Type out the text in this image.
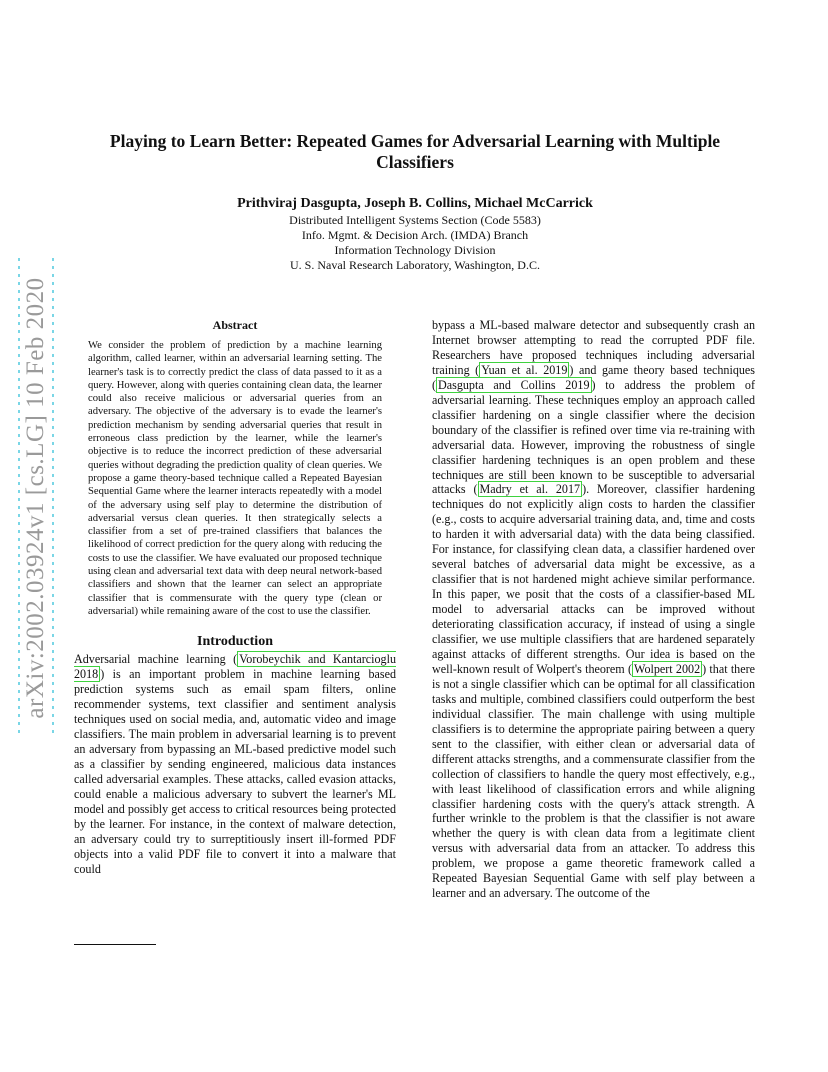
arXiv:2002.03924v1 [cs.LG] 10 Feb 2020
Playing to Learn Better: Repeated Games for Adversarial Learning with Multiple Classifiers
Prithviraj Dasgupta, Joseph B. Collins, Michael McCarrick
Distributed Intelligent Systems Section (Code 5583)
Info. Mgmt. & Decision Arch. (IMDA) Branch
Information Technology Division
U. S. Naval Research Laboratory, Washington, D.C.
Abstract
We consider the problem of prediction by a machine learning algorithm, called learner, within an adversarial learning setting. The learner's task is to correctly predict the class of data passed to it as a query. However, along with queries containing clean data, the learner could also receive malicious or adversarial queries from an adversary. The objective of the adversary is to evade the learner's prediction mechanism by sending adversarial queries that result in erroneous class prediction by the learner, while the learner's objective is to reduce the incorrect prediction of these adversarial queries without degrading the prediction quality of clean queries. We propose a game theory-based technique called a Repeated Bayesian Sequential Game where the learner interacts repeatedly with a model of the adversary using self play to determine the distribution of adversarial versus clean queries. It then strategically selects a classifier from a set of pre-trained classifiers that balances the likelihood of correct prediction for the query along with reducing the costs to use the classifier. We have evaluated our proposed technique using clean and adversarial text data with deep neural network-based classifiers and shown that the learner can select an appropriate classifier that is commensurate with the query type (clean or adversarial) while remaining aware of the cost to use the classifier.
Introduction
Adversarial machine learning ( Vorobeychik and Kantarcioglu 2018 ) is an important problem in machine learning based prediction systems such as email spam filters, online recommender systems, text classifier and sentiment analysis techniques used on social media, and, automatic video and image classifiers. The main problem in adversarial learning is to prevent an adversary from bypassing an ML-based predictive model such as a classifier by sending engineered, malicious data instances called adversarial examples. These attacks, called evasion attacks, could enable a malicious adversary to subvert the learner's ML model and possibly get access to critical resources being protected by the learner. For instance, in the context of malware detection, an adversary could try to surreptitiously insert ill-formed PDF objects into a valid PDF file to convert it into a malware that could
bypass a ML-based malware detector and subsequently crash an Internet browser attempting to read the corrupted PDF file. Researchers have proposed techniques including adversarial training ( Yuan et al. 2019 ) and game theory based techniques ( Dasgupta and Collins 2019 ) to address the problem of adversarial learning. These techniques employ an approach called classifier hardening on a single classifier where the decision boundary of the classifier is refined over time via re-training with adversarial data. However, improving the robustness of single classifier hardening techniques is an open problem and these techniques are still been known to be susceptible to adversarial attacks ( Madry et al. 2017 ). Moreover, classifier hardening techniques do not explicitly align costs to harden the classifier (e.g., costs to acquire adversarial training data, and, time and costs to harden it with adversarial data) with the data being classified. For instance, for classifying clean data, a classifier hardened over several batches of adversarial data might be excessive, as a classifier that is not hardened might achieve similar performance. In this paper, we posit that the costs of a classifier-based ML model to adversarial attacks can be improved without deteriorating classification accuracy, if instead of using a single classifier, we use multiple classifiers that are hardened separately against attacks of different strengths. Our idea is based on the well-known result of Wolpert's theorem ( Wolpert 2002 ) that there is not a single classifier which can be optimal for all classification tasks and multiple, combined classifiers could outperform the best individual classifier. The main challenge with using multiple classifiers is to determine the appropriate pairing between a query sent to the classifier, with either clean or adversarial data of different attacks strengths, and a commensurate classifier from the collection of classifiers to handle the query most effectively, e.g., with least likelihood of classification errors and while aligning classifier hardening costs with the query's attack strength. A further wrinkle to the problem is that the classifier is not aware whether the query is with clean data from a legitimate client versus with adversarial data from an attacker. To address this problem, we propose a game theoretic framework called a Repeated Bayesian Sequential Game with self play between a learner and an adversary. The outcome of the
